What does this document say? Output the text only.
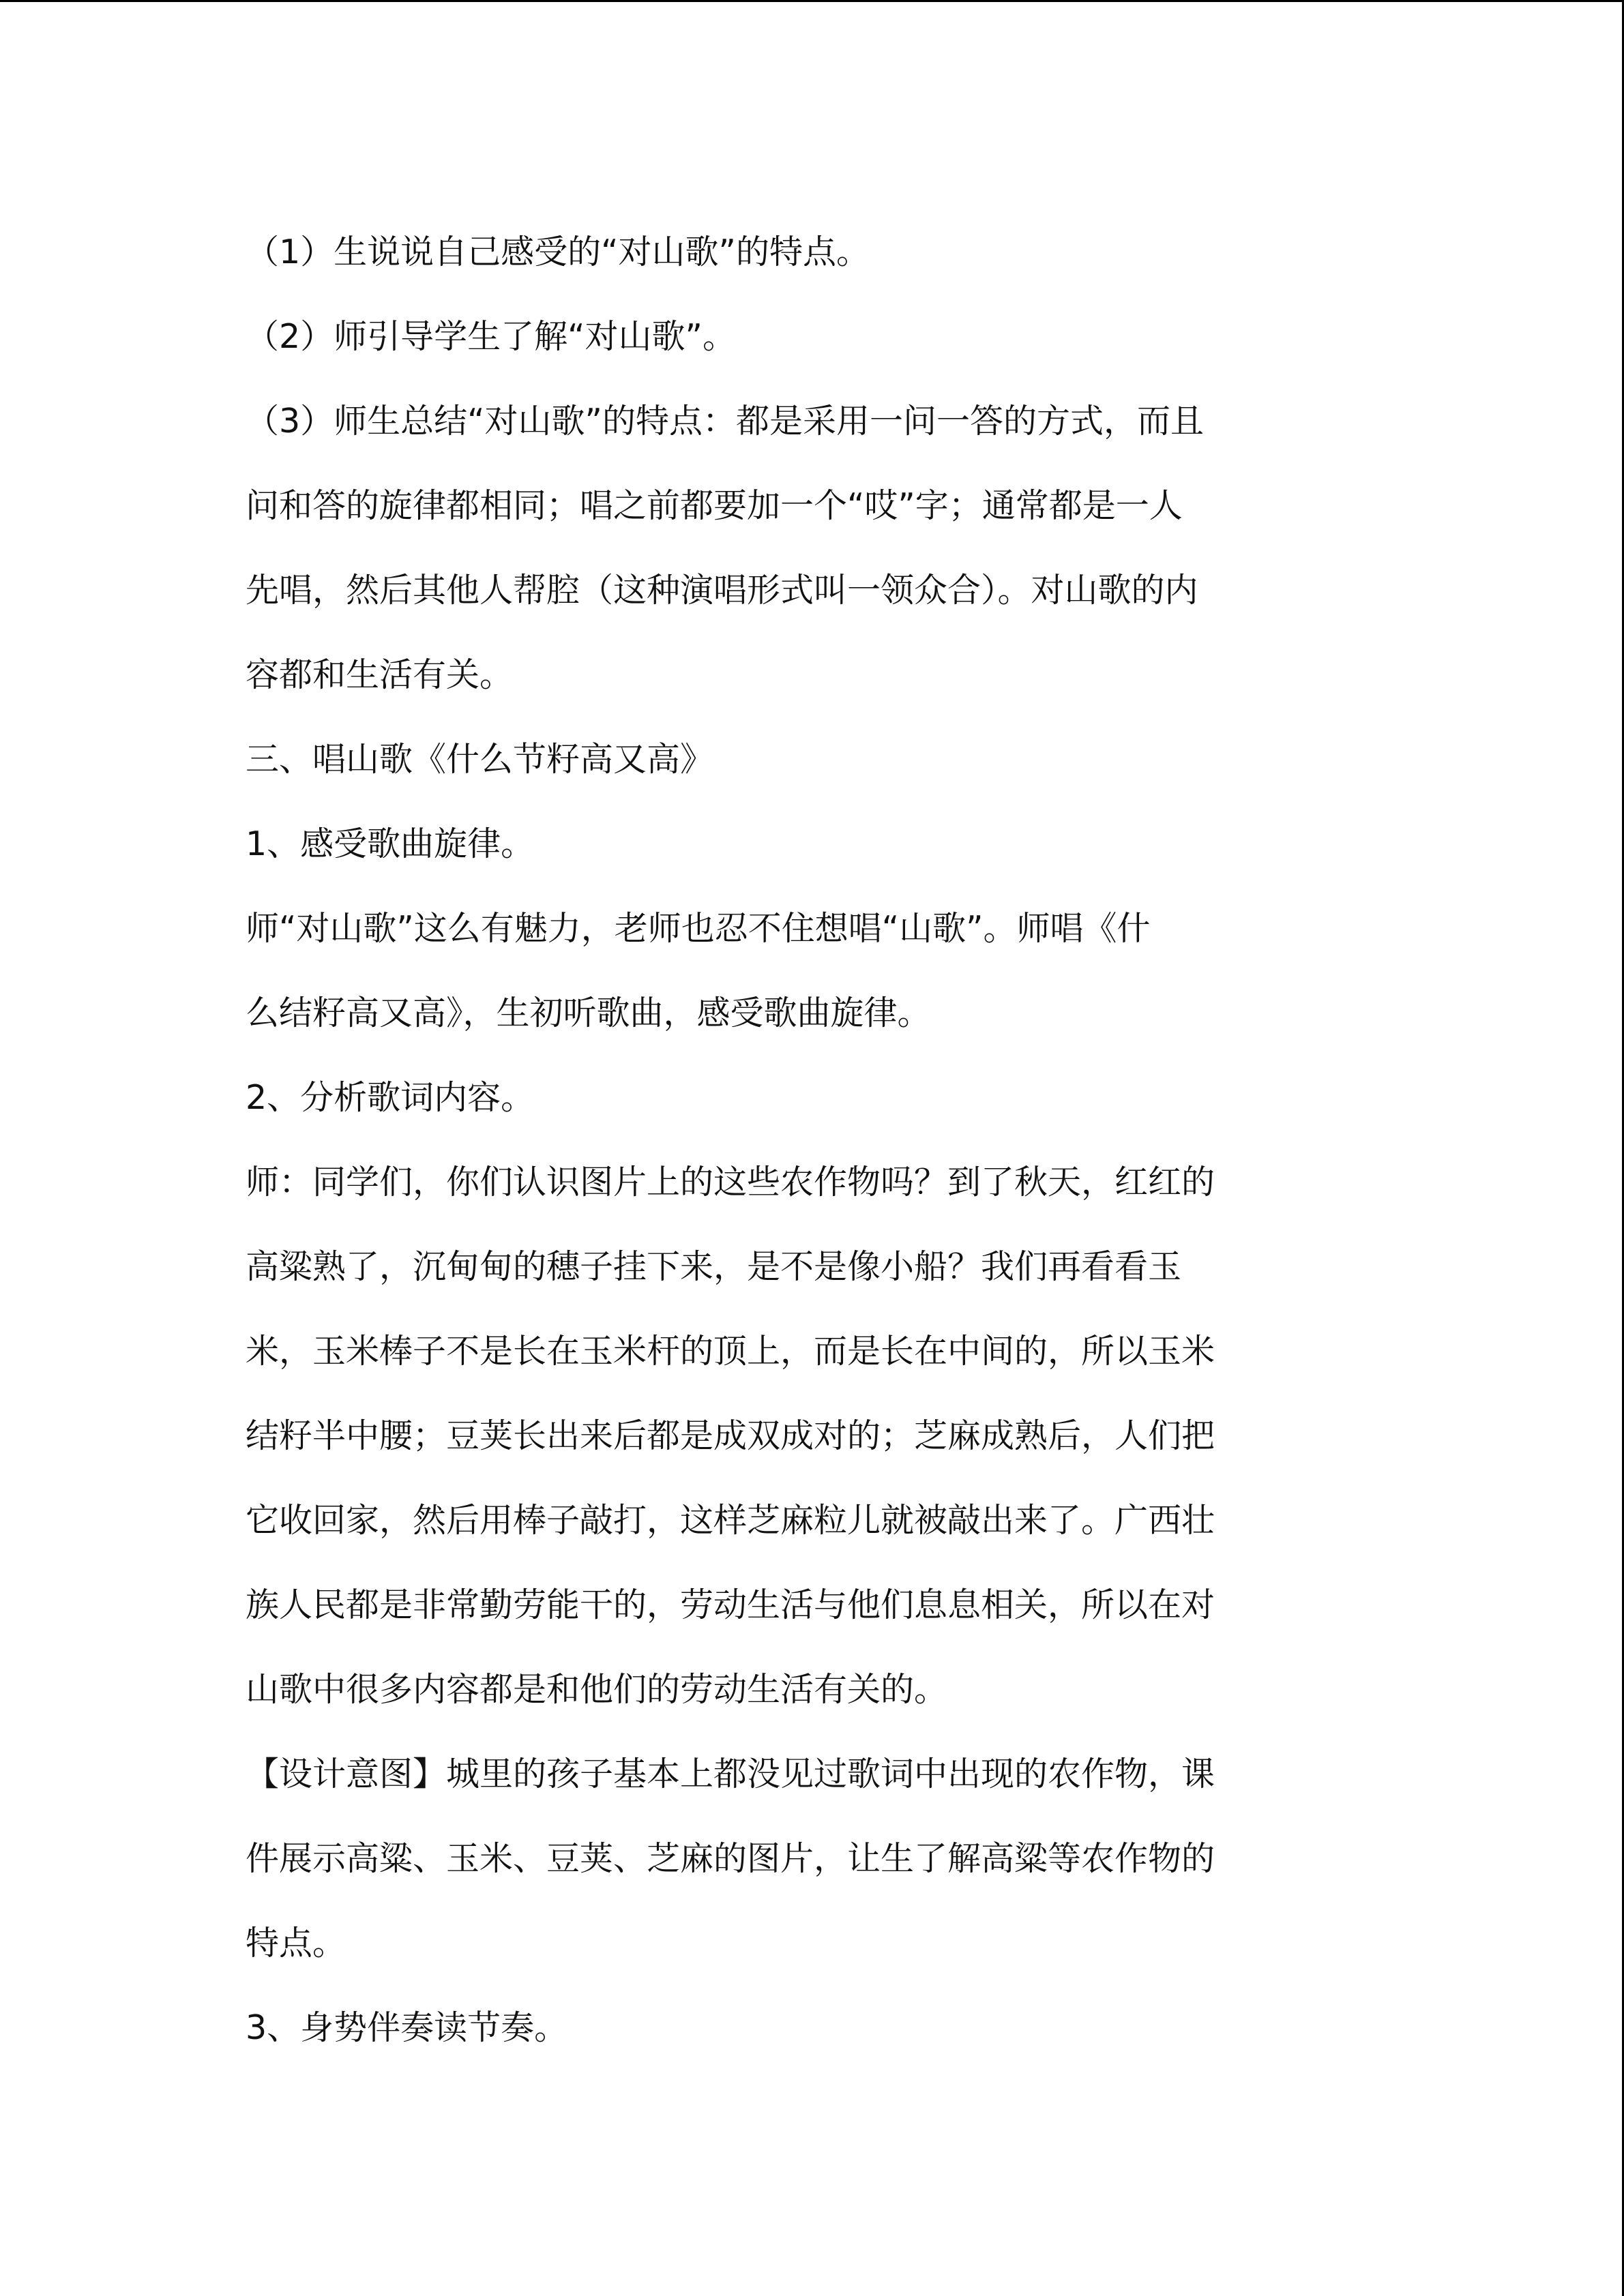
（1）生说说自己感受的“对山歌”的特点。
（2）师引导学生了解“对山歌”。
（3）师生总结“对山歌”的特点：都是采用一问一答的方式，而且
问和答的旋律都相同；唱之前都要加一个“哎”字；通常都是一人
先唱，然后其他人帮腔（这种演唱形式叫一领众合）。对山歌的内
容都和生活有关。
三、唱山歌《什么节籽高又高》
1、感受歌曲旋律。
师“对山歌”这么有魅力，老师也忍不住想唱“山歌”。师唱《什
么结籽高又高》，生初听歌曲，感受歌曲旋律。
2、分析歌词内容。
师：同学们，你们认识图片上的这些农作物吗？到了秋天，红红的
高粱熟了，沉甸甸的穗子挂下来，是不是像小船？我们再看看玉
米，玉米棒子不是长在玉米杆的顶上，而是长在中间的，所以玉米
结籽半中腰；豆荚长出来后都是成双成对的；芝麻成熟后，人们把
它收回家，然后用棒子敲打，这样芝麻粒儿就被敲出来了。广西壮
族人民都是非常勤劳能干的，劳动生活与他们息息相关，所以在对
山歌中很多内容都是和他们的劳动生活有关的。
【设计意图】城里的孩子基本上都没见过歌词中出现的农作物，课
件展示高粱、玉米、豆荚、芝麻的图片，让生了解高粱等农作物的
特点。
3、身势伴奏读节奏。
